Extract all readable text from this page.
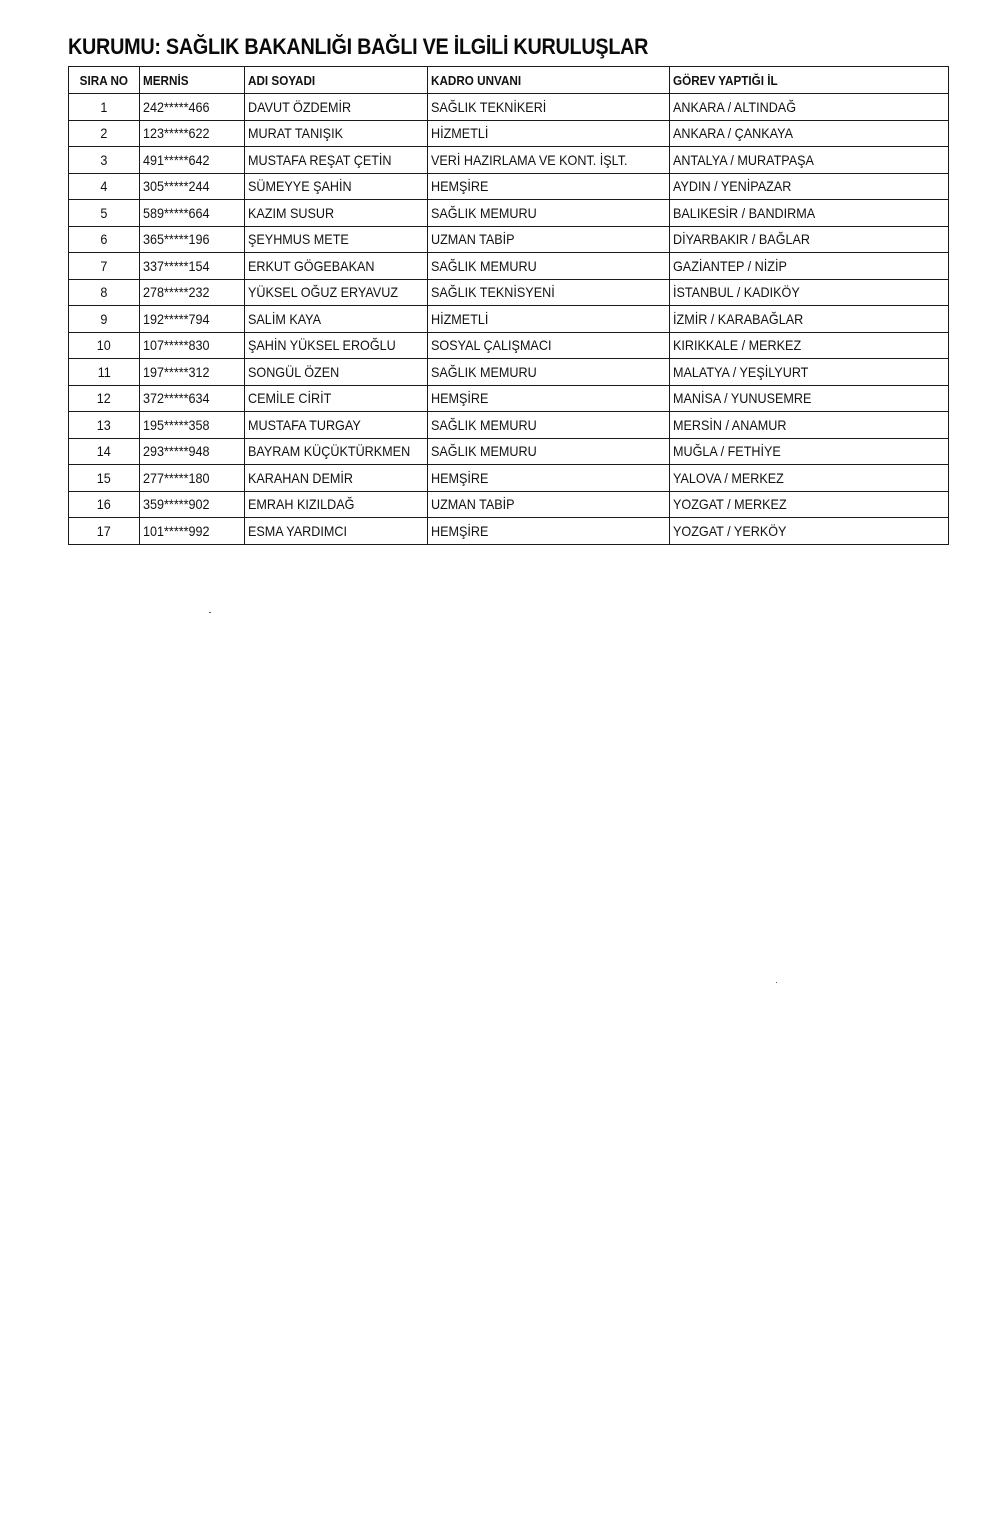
KURUMU: SAĞLIK BAKANLIĞI BAĞLI VE İLGİLİ KURULUŞLAR
SIRA NO	MERNİS	ADI SOYADI	KADRO UNVANI	GÖREV YAPTIĞI İL
1	242*****466	DAVUT ÖZDEMİR	SAĞLIK TEKNİKERİ	ANKARA / ALTINDAĞ
2	123*****622	MURAT TANIŞIK	HİZMETLİ	ANKARA / ÇANKAYA
3	491*****642	MUSTAFA REŞAT ÇETİN	VERİ HAZIRLAMA VE KONT. İŞLT.	ANTALYA / MURATPAŞA
4	305*****244	SÜMEYYE ŞAHİN	HEMŞİRE	AYDIN / YENİPAZAR
5	589*****664	KAZIM SUSUR	SAĞLIK MEMURU	BALIKESİR / BANDIRMA
6	365*****196	ŞEYHMUS METE	UZMAN TABİP	DİYARBAKIR / BAĞLAR
7	337*****154	ERKUT GÖGEBAKAN	SAĞLIK MEMURU	GAZİANTEP / NİZİP
8	278*****232	YÜKSEL OĞUZ ERYAVUZ	SAĞLIK TEKNİSYENİ	İSTANBUL / KADIKÖY
9	192*****794	SALİM KAYA	HİZMETLİ	İZMİR / KARABAĞLAR
10	107*****830	ŞAHİN YÜKSEL EROĞLU	SOSYAL ÇALIŞMACI	KIRIKKALE / MERKEZ
11	197*****312	SONGÜL ÖZEN	SAĞLIK MEMURU	MALATYA / YEŞİLYURT
12	372*****634	CEMİLE CİRİT	HEMŞİRE	MANİSA / YUNUSEMRE
13	195*****358	MUSTAFA TURGAY	SAĞLIK MEMURU	MERSİN / ANAMUR
14	293*****948	BAYRAM KÜÇÜKTÜRKMEN	SAĞLIK MEMURU	MUĞLA / FETHİYE
15	277*****180	KARAHAN DEMİR	HEMŞİRE	YALOVA / MERKEZ
16	359*****902	EMRAH KIZILDAĞ	UZMAN TABİP	YOZGAT / MERKEZ
17	101*****992	ESMA YARDIMCI	HEMŞİRE	YOZGAT / YERKÖY
